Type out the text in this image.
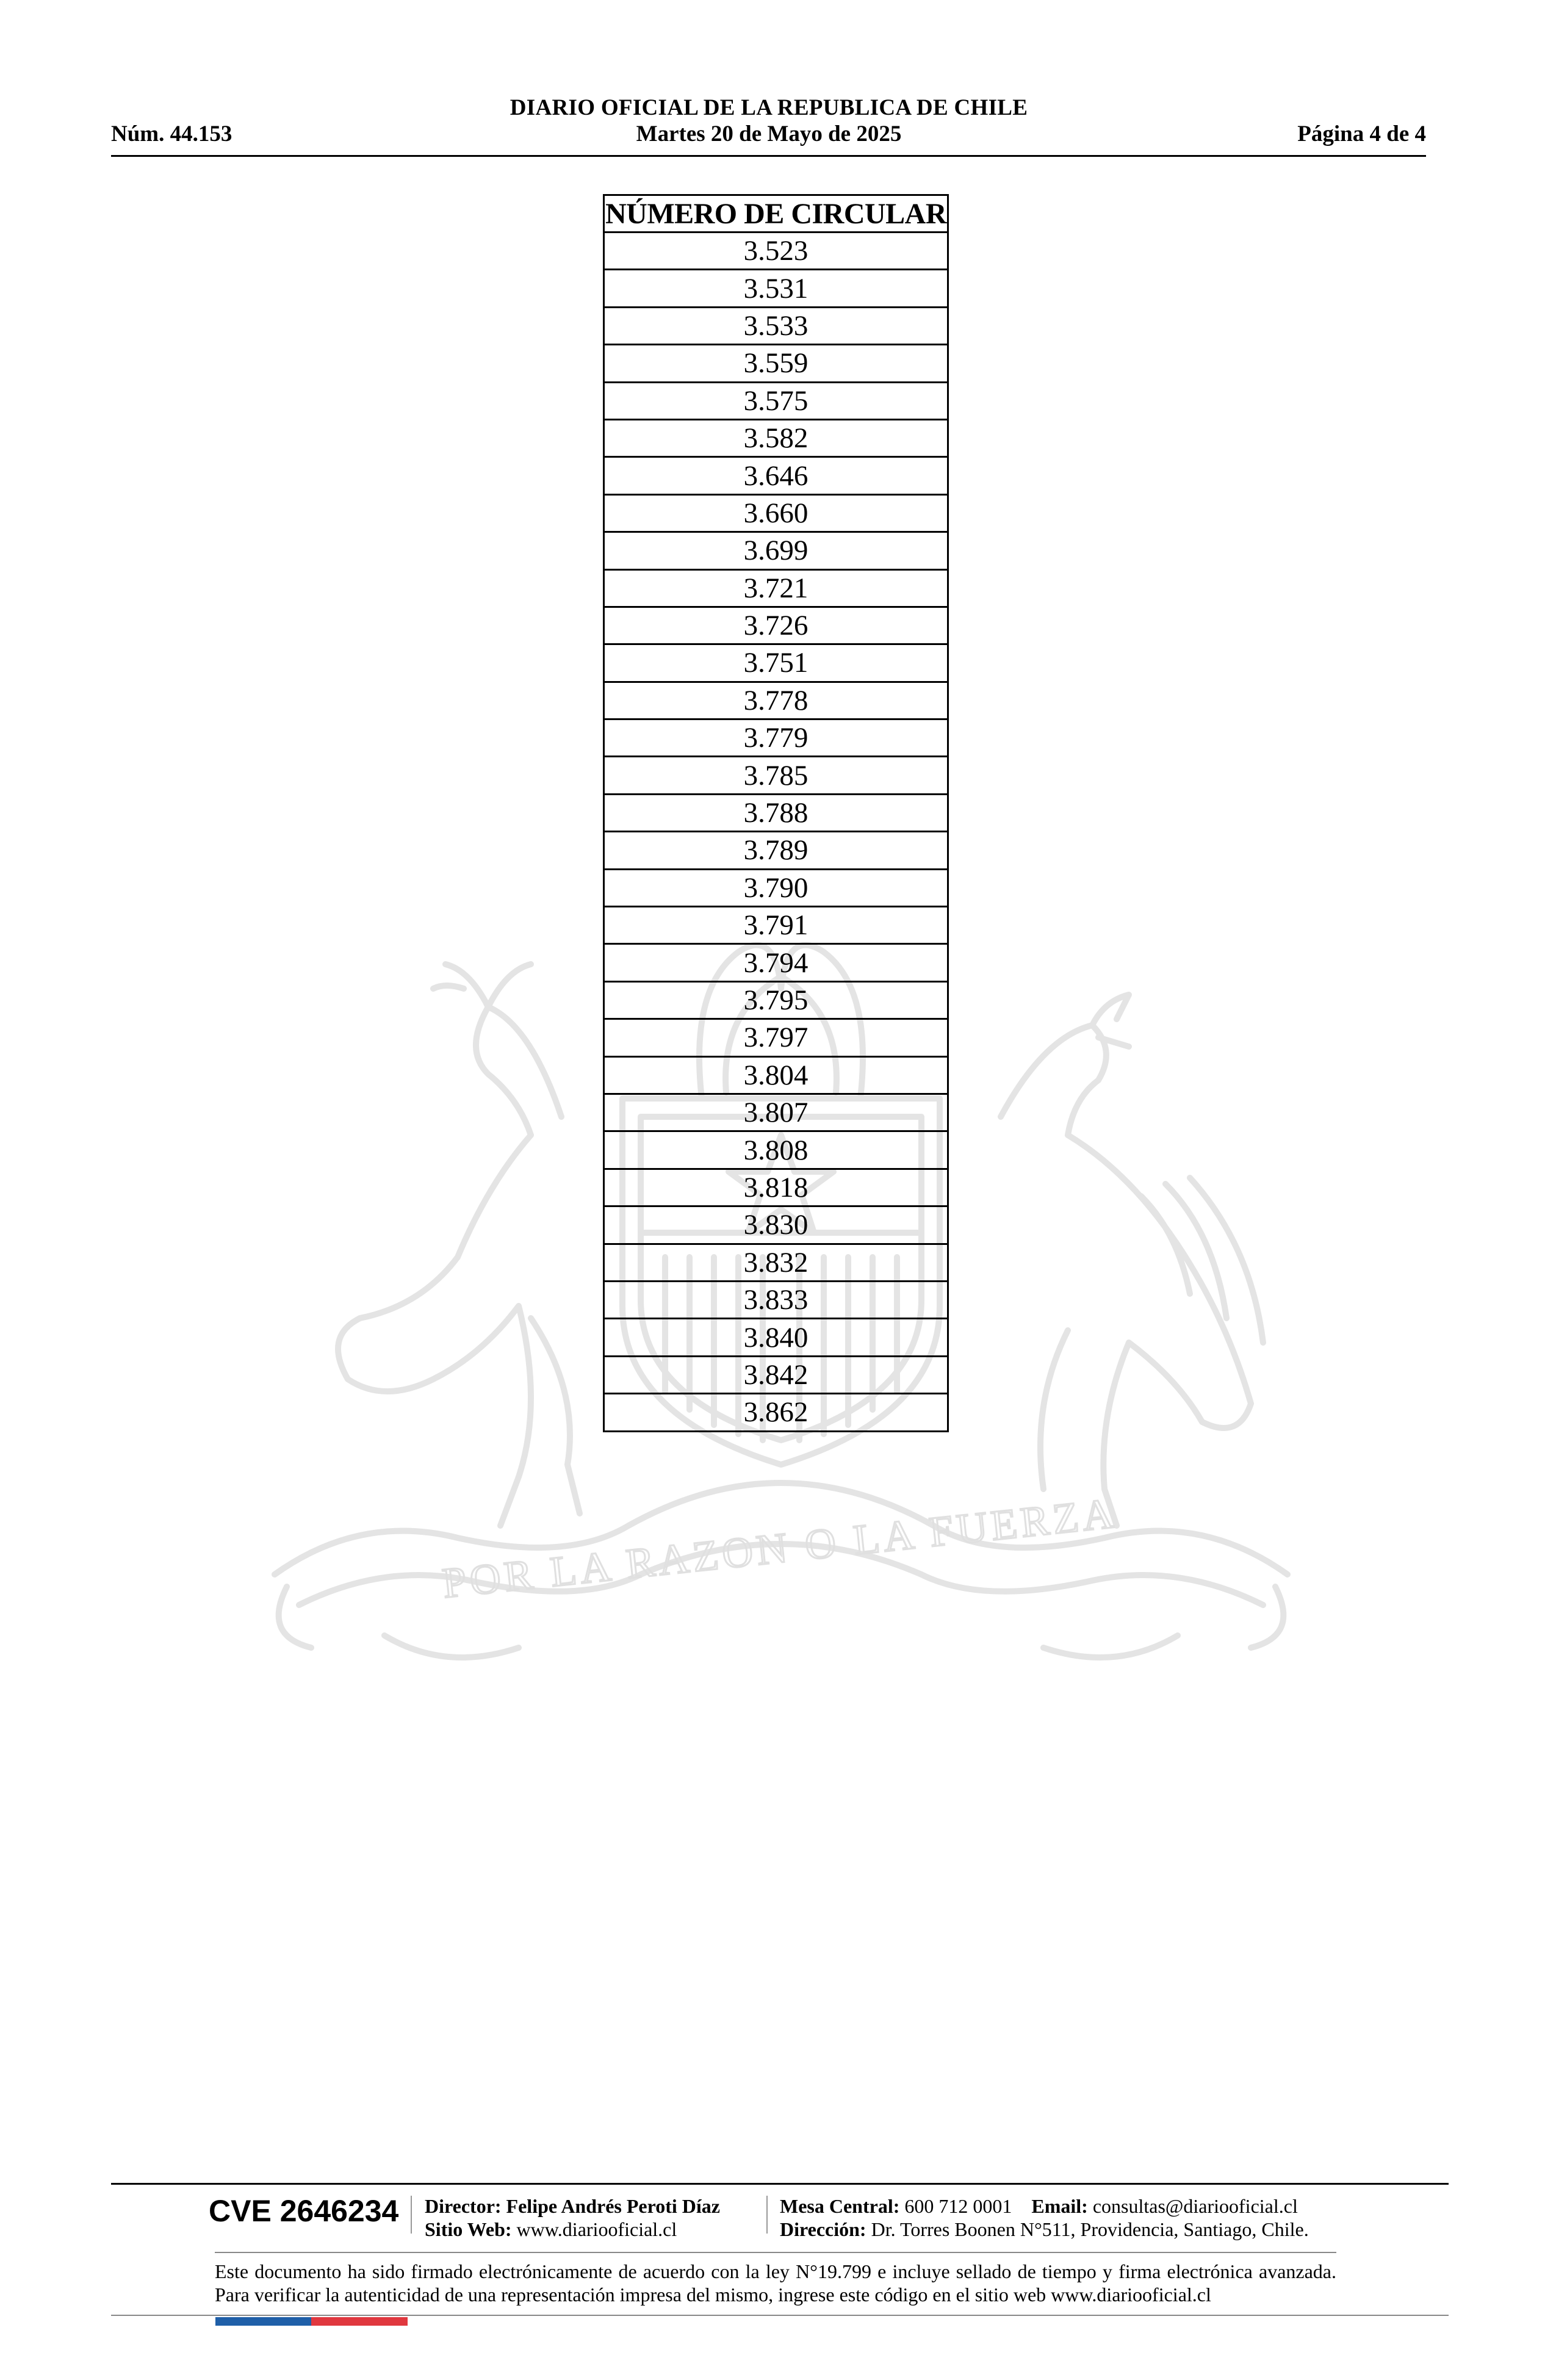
DIARIO OFICIAL DE LA REPUBLICA DE CHILE
Núm. 44.153	Martes 20 de Mayo de 2025	Página 4 de 4
POR LA RAZON O LA FUERZA
NÚMERO DE CIRCULAR
3.523
3.531
3.533
3.559
3.575
3.582
3.646
3.660
3.699
3.721
3.726
3.751
3.778
3.779
3.785
3.788
3.789
3.790
3.791
3.794
3.795
3.797
3.804
3.807
3.808
3.818
3.830
3.832
3.833
3.840
3.842
3.862
CVE 2646234 Director: Felipe Andrés Peroti Díaz
Sitio Web: www.diariooficial.cl
Mesa Central: 600 712 0001 Email: consultas@diariooficial.cl
Dirección: Dr. Torres Boonen N°511, Providencia, Santiago, Chile.
Este documento ha sido firmado electrónicamente de acuerdo con la ley N°19.799 e incluye sellado de tiempo y firma electrónica avanzada. Para verificar la autenticidad de una representación impresa del mismo, ingrese este código en el sitio web www.diariooficial.cl
